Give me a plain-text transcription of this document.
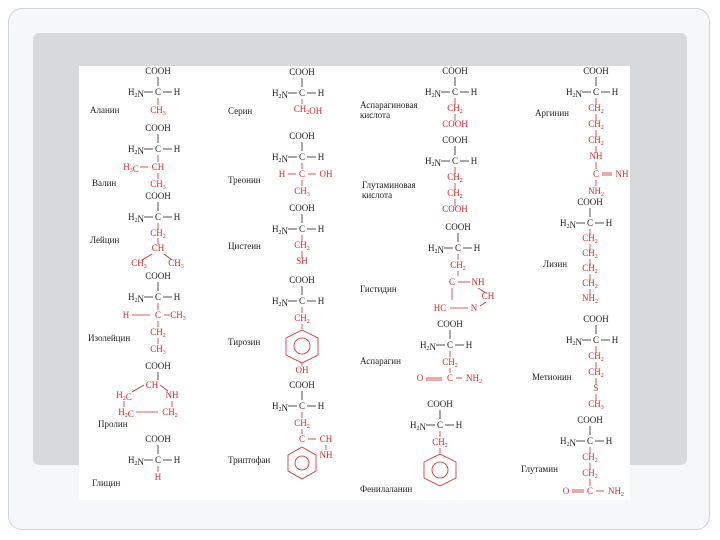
COOH
C
$H_2N$	H
Аланин	$CH_3$
COOH
C
$H_2N$	H
Валин
$H_3C$ CH
$CH_3$
COOH
C
$H_2N$	H
Лейцин
$CH_2$
CH
$CH_3$ $CH_3$
COOH
C
$H_2N$	H
Изолейцин
H	C $CH_3$
$CH_2$
$CH_3$
COOH
CH
$H_2C$	NH
$H_2C$	$CH_2$
Пролин
COOH
C
$H_2N$	H
Глицин
H
COOH
C
$H_2N$	H
Серин	$CH_2OH$
COOH
C
$H_2N$	H
Треонин
H C OH
$CH_3$
COOH
C
$H_2N$	H
Цистеин	$CH_2$
SH
COOH
C
$H_2N$	H
Тирозин
$CH_2$
OH
COOH
C
$H_2N$	H
Триптофан
$CH_2$
C CH
NH
COOH
C
$H_2N$	H
Аспарагиновая
кислота
$CH_2$
COOH
COOH
C
$H_2N$	H
Глутаминовая
кислота
$CH_2$
$CH_2$
COOH
COOH
C
$H_2N$	H
Гистидин
$CH_2$
C NH
CH
HC	N
COOH
C
$H_2N$	H
Аспарагин	$CH_2$
O	C $NH_2$
COOH
C
$H_2N$	H
Фенилаланин
$CH_2$
COOH
C
$H_2N$	H
Аргинин $CH_2$
$CH_2$
$CH_2$
NH
C NH
$NH_2$
COOH
C
$H_2N$	H
Лизин
$CH_2$
$CH_2$
$CH_2$
$CH_2$
$NH_2$
COOH
C
$H_2N$	H
Метионин
$CH_2$
$CH_2$
S
$CH_3$
COOH
C
$H_2N$	H
Глутамин
$CH_2$
$CH_2$
O C $NH_2$
